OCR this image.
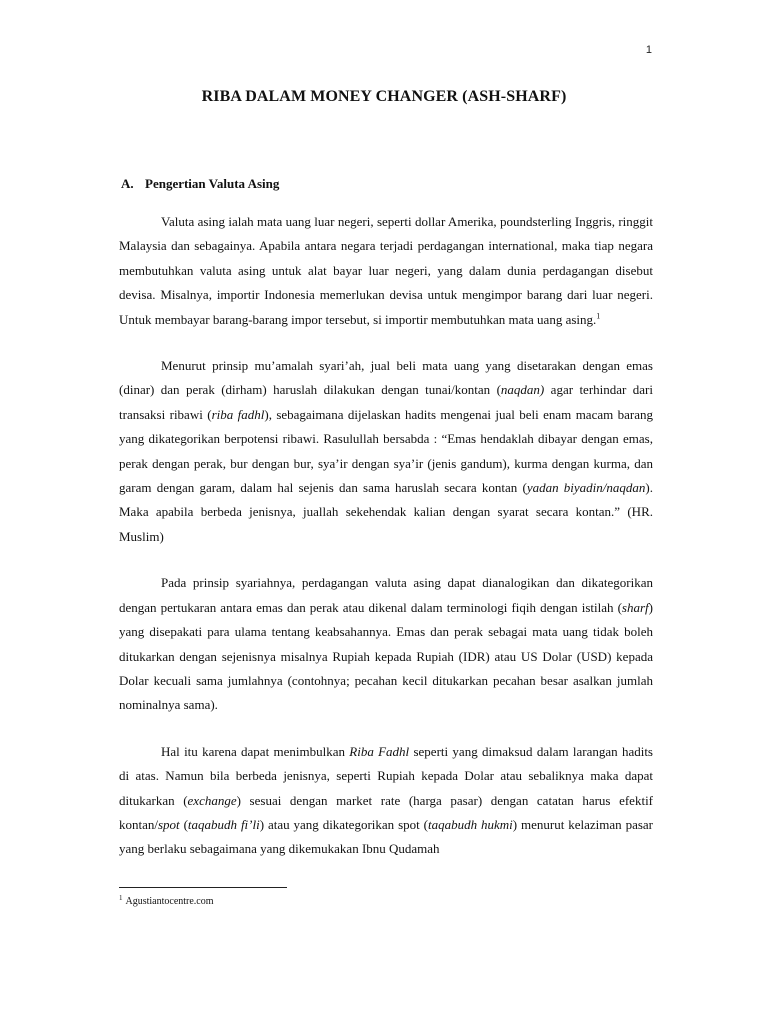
1
RIBA DALAM MONEY CHANGER (ASH-SHARF)
A. Pengertian Valuta Asing

Valuta asing ialah mata uang luar negeri, seperti dollar Amerika, poundsterling Inggris, ringgit Malaysia dan sebagainya. Apabila antara negara terjadi perdagangan international, maka tiap negara membutuhkan valuta asing untuk alat bayar luar negeri, yang dalam dunia perdagangan disebut devisa. Misalnya, importir Indonesia memerlukan devisa untuk mengimpor barang dari luar negeri. Untuk membayar barang-barang impor tersebut, si importir membutuhkan mata uang asing.$^1$

Menurut prinsip mu’amalah syari’ah, jual beli mata uang yang disetarakan dengan emas (dinar) dan perak (dirham) haruslah dilakukan dengan tunai/kontan (naqdan) agar terhindar dari transaksi ribawi (riba fadhl), sebagaimana dijelaskan hadits mengenai jual beli enam macam barang yang dikategorikan berpotensi ribawi. Rasulullah bersabda : “Emas hendaklah dibayar dengan emas, perak dengan perak, bur dengan bur, sya’ir dengan sya’ir (jenis gandum), kurma dengan kurma, dan garam dengan garam, dalam hal sejenis dan sama haruslah secara kontan (yadan biyadin/naqdan). Maka apabila berbeda jenisnya, juallah sekehendak kalian dengan syarat secara kontan.” (HR. Muslim)

Pada prinsip syariahnya, perdagangan valuta asing dapat dianalogikan dan dikategorikan dengan pertukaran antara emas dan perak atau dikenal dalam terminologi fiqih dengan istilah (sharf) yang disepakati para ulama tentang keabsahannya. Emas dan perak sebagai mata uang tidak boleh ditukarkan dengan sejenisnya misalnya Rupiah kepada Rupiah (IDR) atau US Dolar (USD) kepada Dolar kecuali sama jumlahnya (contohnya; pecahan kecil ditukarkan pecahan besar asalkan jumlah nominalnya sama).

Hal itu karena dapat menimbulkan Riba Fadhl seperti yang dimaksud dalam larangan hadits di atas. Namun bila berbeda jenisnya, seperti Rupiah kepada Dolar atau sebaliknya maka dapat ditukarkan (exchange) sesuai dengan market rate (harga pasar) dengan catatan harus efektif kontan/spot (taqabudh fi’li) atau yang dikategorikan spot (taqabudh hukmi) menurut kelaziman pasar yang berlaku sebagaimana yang dikemukakan Ibnu Qudamah

$^1$ Agustiantocentre.com
